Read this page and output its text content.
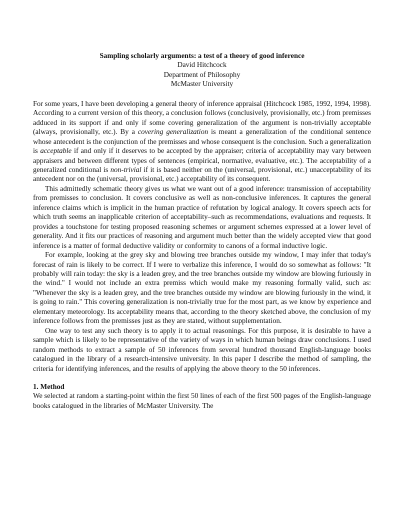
Sampling scholarly arguments: a test of a theory of good inference
David Hitchcock
Department of Philosophy
McMaster University

For some years, I have been developing a general theory of inference appraisal (Hitchcock 1985, 1992, 1994, 1998). According to a current version of this theory, a conclusion follows (conclusively, provisionally, etc.) from premisses adduced in its support if and only if some covering generalization of the argument is non-trivially acceptable (always, provisionally, etc.). By a covering generalization is meant a generalization of the conditional sentence whose antecedent is the conjunction of the premisses and whose consequent is the conclusion. Such a generalization is acceptable if and only if it deserves to be accepted by the appraiser; criteria of acceptability may vary between appraisers and between different types of sentences (empirical, normative, evaluative, etc.). The acceptability of a generalized conditional is non-trivial if it is based neither on the (universal, provisional, etc.) unacceptability of its antecedent nor on the (universal, provisional, etc.) acceptability of its consequent.

This admittedly schematic theory gives us what we want out of a good inference: transmission of acceptability from premisses to conclusion. It covers conclusive as well as non-conclusive inferences. It captures the general inference claims which is implicit in the human practice of refutation by logical analogy. It covers speech acts for which truth seems an inapplicable criterion of acceptability–such as recommendations, evaluations and requests. It provides a touchstone for testing proposed reasoning schemes or argument schemes expressed at a lower level of generality. And it fits our practices of reasoning and argument much better than the widely accepted view that good inference is a matter of formal deductive validity or conformity to canons of a formal inductive logic.

For example, looking at the grey sky and blowing tree branches outside my window, I may infer that today's forecast of rain is likely to be correct. If I were to verbalize this inference, I would do so somewhat as follows: "It probably will rain today: the sky is a leaden grey, and the tree branches outside my window are blowing furiously in the wind." I would not include an extra premiss which would make my reasoning formally valid, such as: "Whenever the sky is a leaden grey, and the tree branches outside my window are blowing furiously in the wind, it is going to rain." This covering generalization is non-trivially true for the most part, as we know by experience and elementary meteorology. Its acceptability means that, according to the theory sketched above, the conclusion of my inference follows from the premisses just as they are stated, without supplementation.

One way to test any such theory is to apply it to actual reasonings. For this purpose, it is desirable to have a sample which is likely to be representative of the variety of ways in which human beings draw conclusions. I used random methods to extract a sample of 50 inferences from several hundred thousand English-language books catalogued in the library of a research-intensive university. In this paper I describe the method of sampling, the criteria for identifying inferences, and the results of applying the above theory to the 50 inferences.

1. Method

We selected at random a starting-point within the first 50 lines of each of the first 500 pages of the English-language books catalogued in the libraries of McMaster University. The
